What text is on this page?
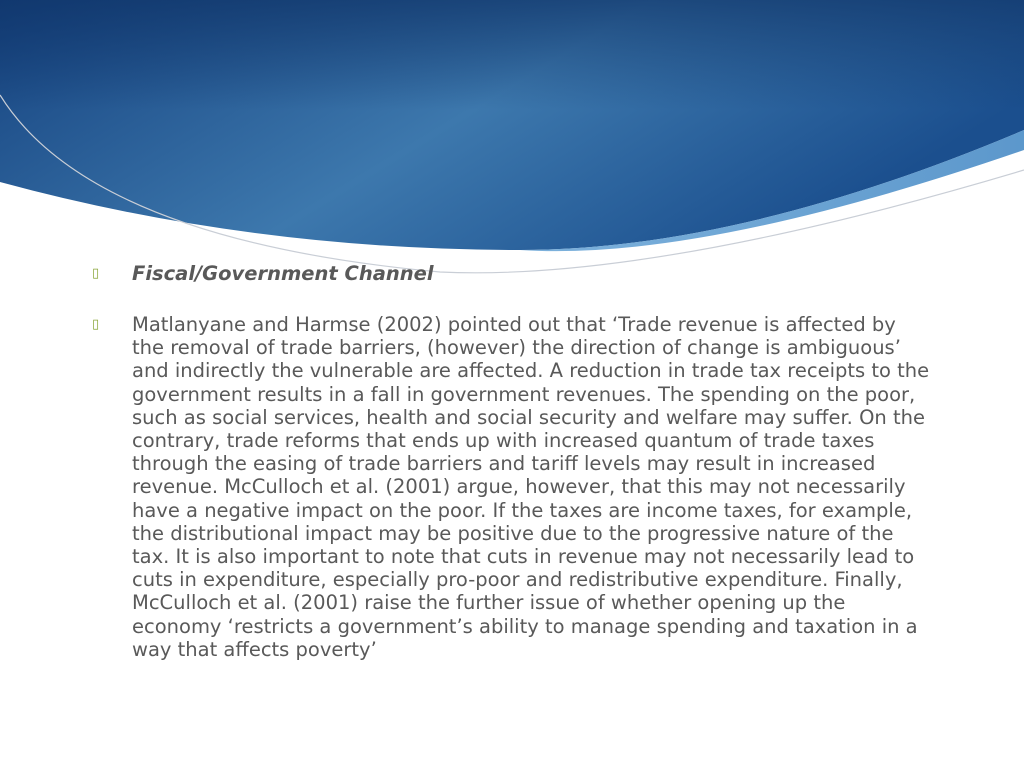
▯	Fiscal/Government Channel
▯	Matlanyane and Harmse (2002) pointed out that ‘Trade revenue is affected by the removal of trade barriers, (however) the direction of change is ambiguous’ and indirectly the vulnerable are affected. A reduction in trade tax receipts to the government results in a fall in government revenues. The spending on the poor, such as social services, health and social security and welfare may suffer. On the contrary, trade reforms that ends up with increased quantum of trade taxes through the easing of trade barriers and tariff levels may result in increased revenue. McCulloch et al. (2001) argue, however, that this may not necessarily have a negative impact on the poor. If the taxes are income taxes, for example, the distributional impact may be positive due to the progressive nature of the tax. It is also important to note that cuts in revenue may not necessarily lead to cuts in expenditure, especially pro-poor and redistributive expenditure. Finally, McCulloch et al. (2001) raise the further issue of whether opening up the economy ‘restricts a government’s ability to manage spending and taxation in a way that affects poverty’
